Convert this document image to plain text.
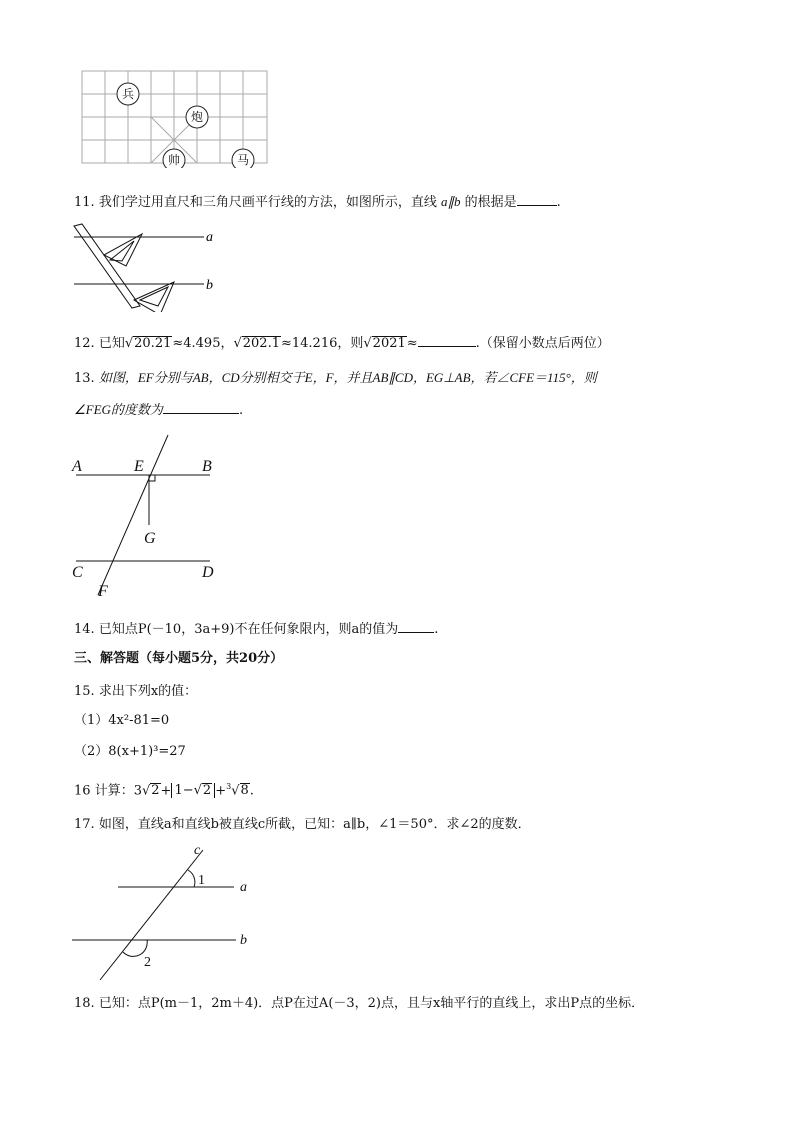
兵
炮
帅	马
11. 我们学过用直尺和三角尺画平行线的方法，如图所示，直线 a∥b 的根据是	.
a
b
12. 已知√20.21≈4.495，√202.1≈14.216，则√2021≈	.（保留小数点后两位）
13. 如图，EF分别与AB，CD分别相交于E，F，并且AB∥CD，EG⊥AB，若∠CFE＝115°，则
∠FEG的度数为	.
A	E	B
G
C
F
D
14. 已知点P(－10，3a+9)不在任何象限内，则a的值为	.
三、解答题（每小题5分，共20分）
15. 求出下列x的值：
（1）4x²-81=0
（2）8(x+1)³=27
16 计算：3√2+ 1−√2 +$^3$√8.
17. 如图，直线a和直线b被直线c所截，已知：a∥b，∠1＝50°．求∠2的度数．
c
1	a
b
2
18. 已知：点P(m－1，2m＋4)．点P在过A(－3，2)点，且与x轴平行的直线上，求出P点的坐标．
